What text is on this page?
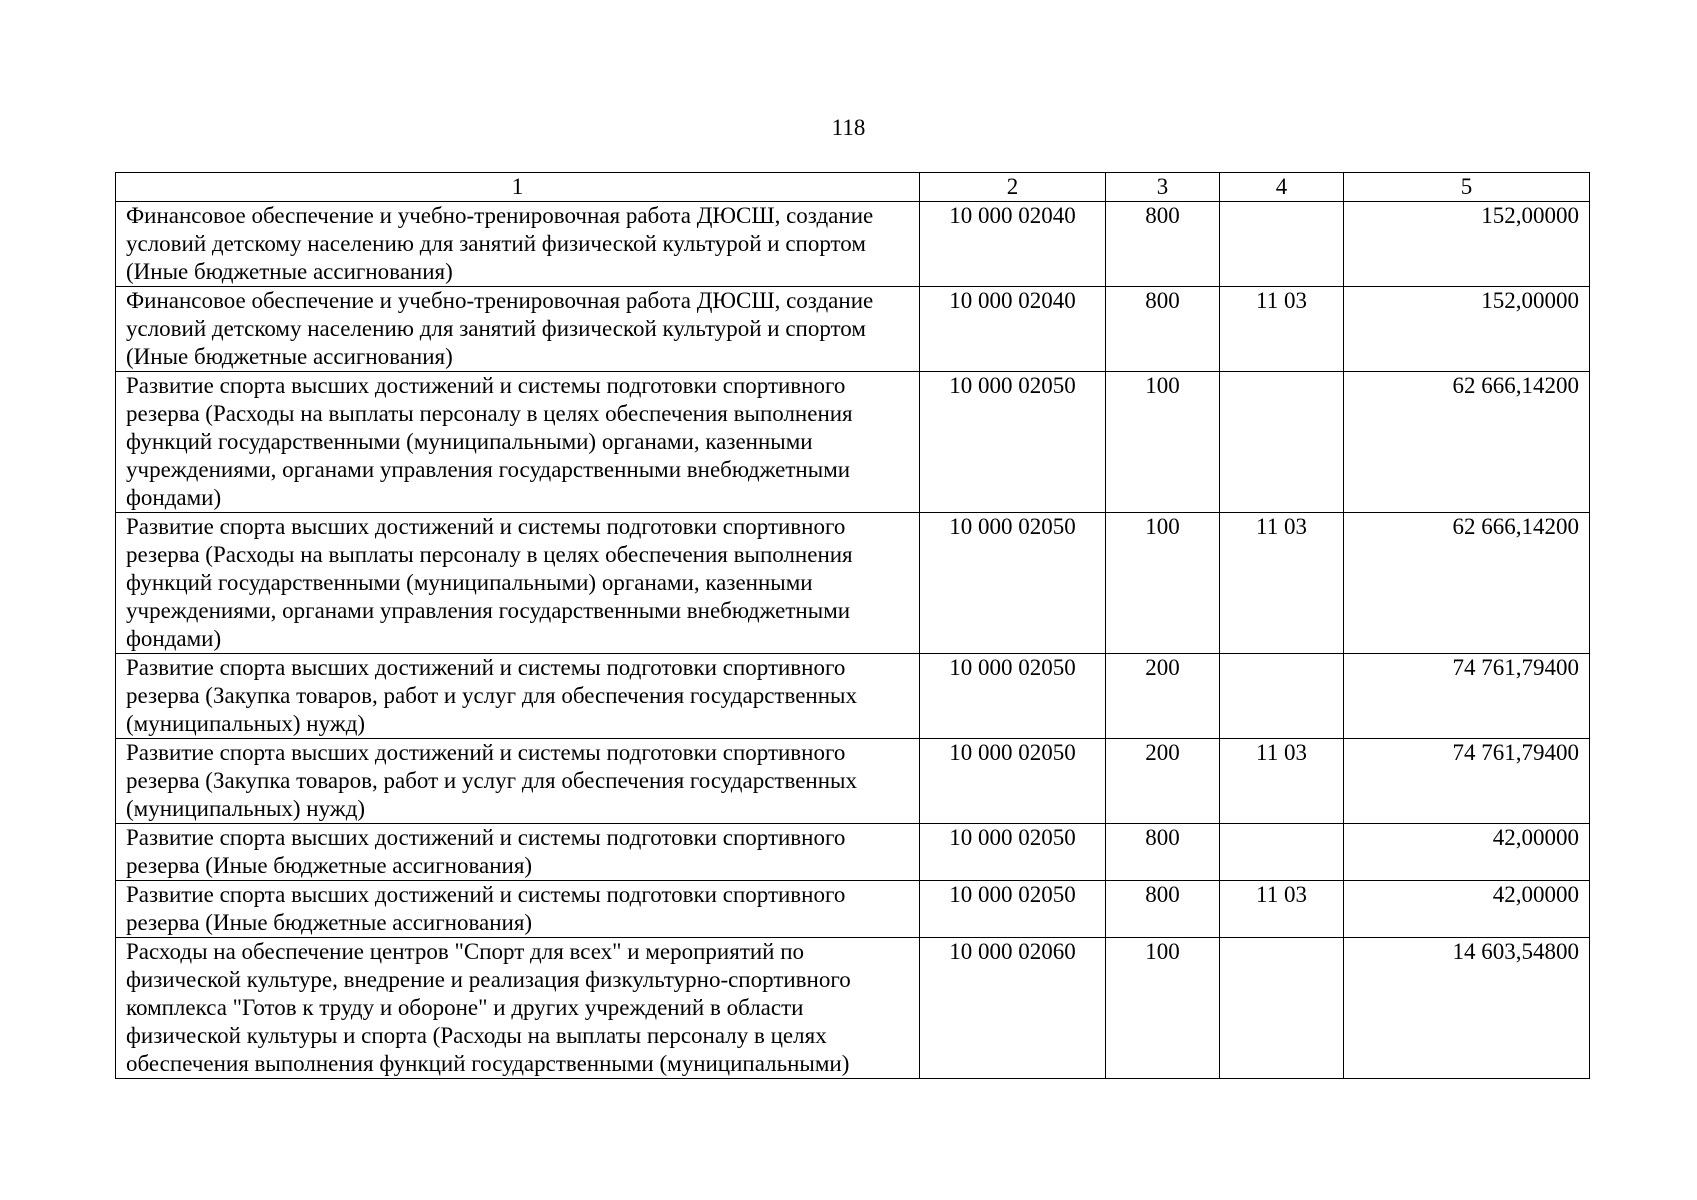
118
1	2	3	4	5
Финансовое обеспечение и учебно-тренировочная работа ДЮСШ, создание условий детскому населению для занятий физической культурой и спортом (Иные бюджетные ассигнования)	10 000 02040	800		152,00000
Финансовое обеспечение и учебно-тренировочная работа ДЮСШ, создание условий детскому населению для занятий физической культурой и спортом (Иные бюджетные ассигнования)	10 000 02040	800	11 03	152,00000
Развитие спорта высших достижений и системы подготовки спортивного резерва (Расходы на выплаты персоналу в целях обеспечения выполнения функций государственными (муниципальными) органами, казенными учреждениями, органами управления государственными внебюджетными фондами)	10 000 02050	100		62 666,14200
Развитие спорта высших достижений и системы подготовки спортивного резерва (Расходы на выплаты персоналу в целях обеспечения выполнения функций государственными (муниципальными) органами, казенными учреждениями, органами управления государственными внебюджетными фондами)	10 000 02050	100	11 03	62 666,14200
Развитие спорта высших достижений и системы подготовки спортивного резерва (Закупка товаров, работ и услуг для обеспечения государственных (муниципальных) нужд)	10 000 02050	200		74 761,79400
Развитие спорта высших достижений и системы подготовки спортивного резерва (Закупка товаров, работ и услуг для обеспечения государственных (муниципальных) нужд)	10 000 02050	200	11 03	74 761,79400
Развитие спорта высших достижений и системы подготовки спортивного резерва (Иные бюджетные ассигнования)	10 000 02050	800		42,00000
Развитие спорта высших достижений и системы подготовки спортивного резерва (Иные бюджетные ассигнования)	10 000 02050	800	11 03	42,00000
Расходы на обеспечение центров "Спорт для всех" и мероприятий по физической культуре, внедрение и реализация физкультурно-спортивного комплекса "Готов к труду и обороне" и других учреждений в области физической культуры и спорта (Расходы на выплаты персоналу в целях обеспечения выполнения функций государственными (муниципальными)	10 000 02060	100		14 603,54800
